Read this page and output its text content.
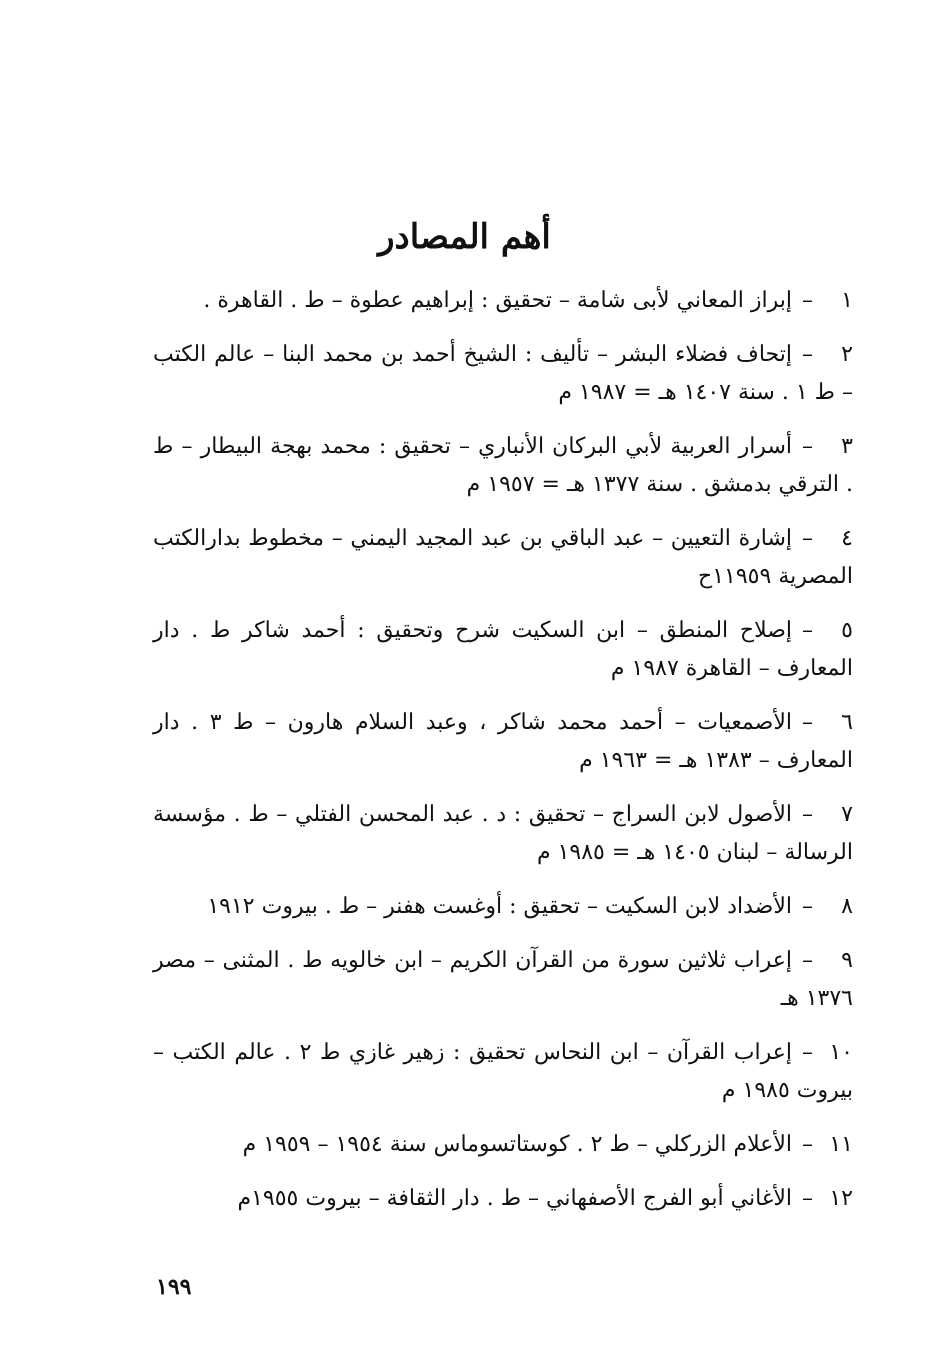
أهم المصادر
١–إبراز المعاني لأبى شامة – تحقيق : إبراهيم عطوة – ط . القاهرة .
٢–إتحاف فضلاء البشر – تأليف : الشيخ أحمد بن محمد البنا – عالم الكتب – ط ١ . سنة ١٤٠٧ هـ = ١٩٨٧ م
٣–أسرار العربية لأبي البركان الأنباري – تحقيق : محمد بهجة البيطار – ط . الترقي بدمشق . سنة ١٣٧٧ هـ = ١٩٥٧ م
٤–إشارة التعيين – عبد الباقي بن عبد المجيد اليمني – مخطوط بدارالكتب المصرية ١١٩٥٩ح
٥–إصلاح المنطق – ابن السكيت شرح وتحقيق : أحمد شاكر ط . دار المعارف – القاهرة ١٩٨٧ م
٦–الأصمعيات – أحمد محمد شاكر ، وعبد السلام هارون – ط ٣ . دار المعارف – ١٣٨٣ هـ = ١٩٦٣ م
٧–الأصول لابن السراج – تحقيق : د . عبد المحسن الفتلي – ط . مؤسسة الرسالة – لبنان ١٤٠٥ هـ = ١٩٨٥ م
٨–الأضداد لابن السكيت – تحقيق : أوغست هفنر – ط . بيروت ١٩١٢
٩–إعراب ثلاثين سورة من القرآن الكريم – ابن خالويه ط . المثنى – مصر ١٣٧٦ هـ
١٠–إعراب القرآن – ابن النحاس تحقيق : زهير غازي ط ٢ . عالم الكتب – بيروت ١٩٨٥ م
١١–الأعلام الزركلي – ط ٢ . كوستاتسوماس سنة ١٩٥٤ – ١٩٥٩ م
١٢–الأغاني أبو الفرج الأصفهاني – ط . دار الثقافة – بيروت ١٩٥٥م
١٩٩
